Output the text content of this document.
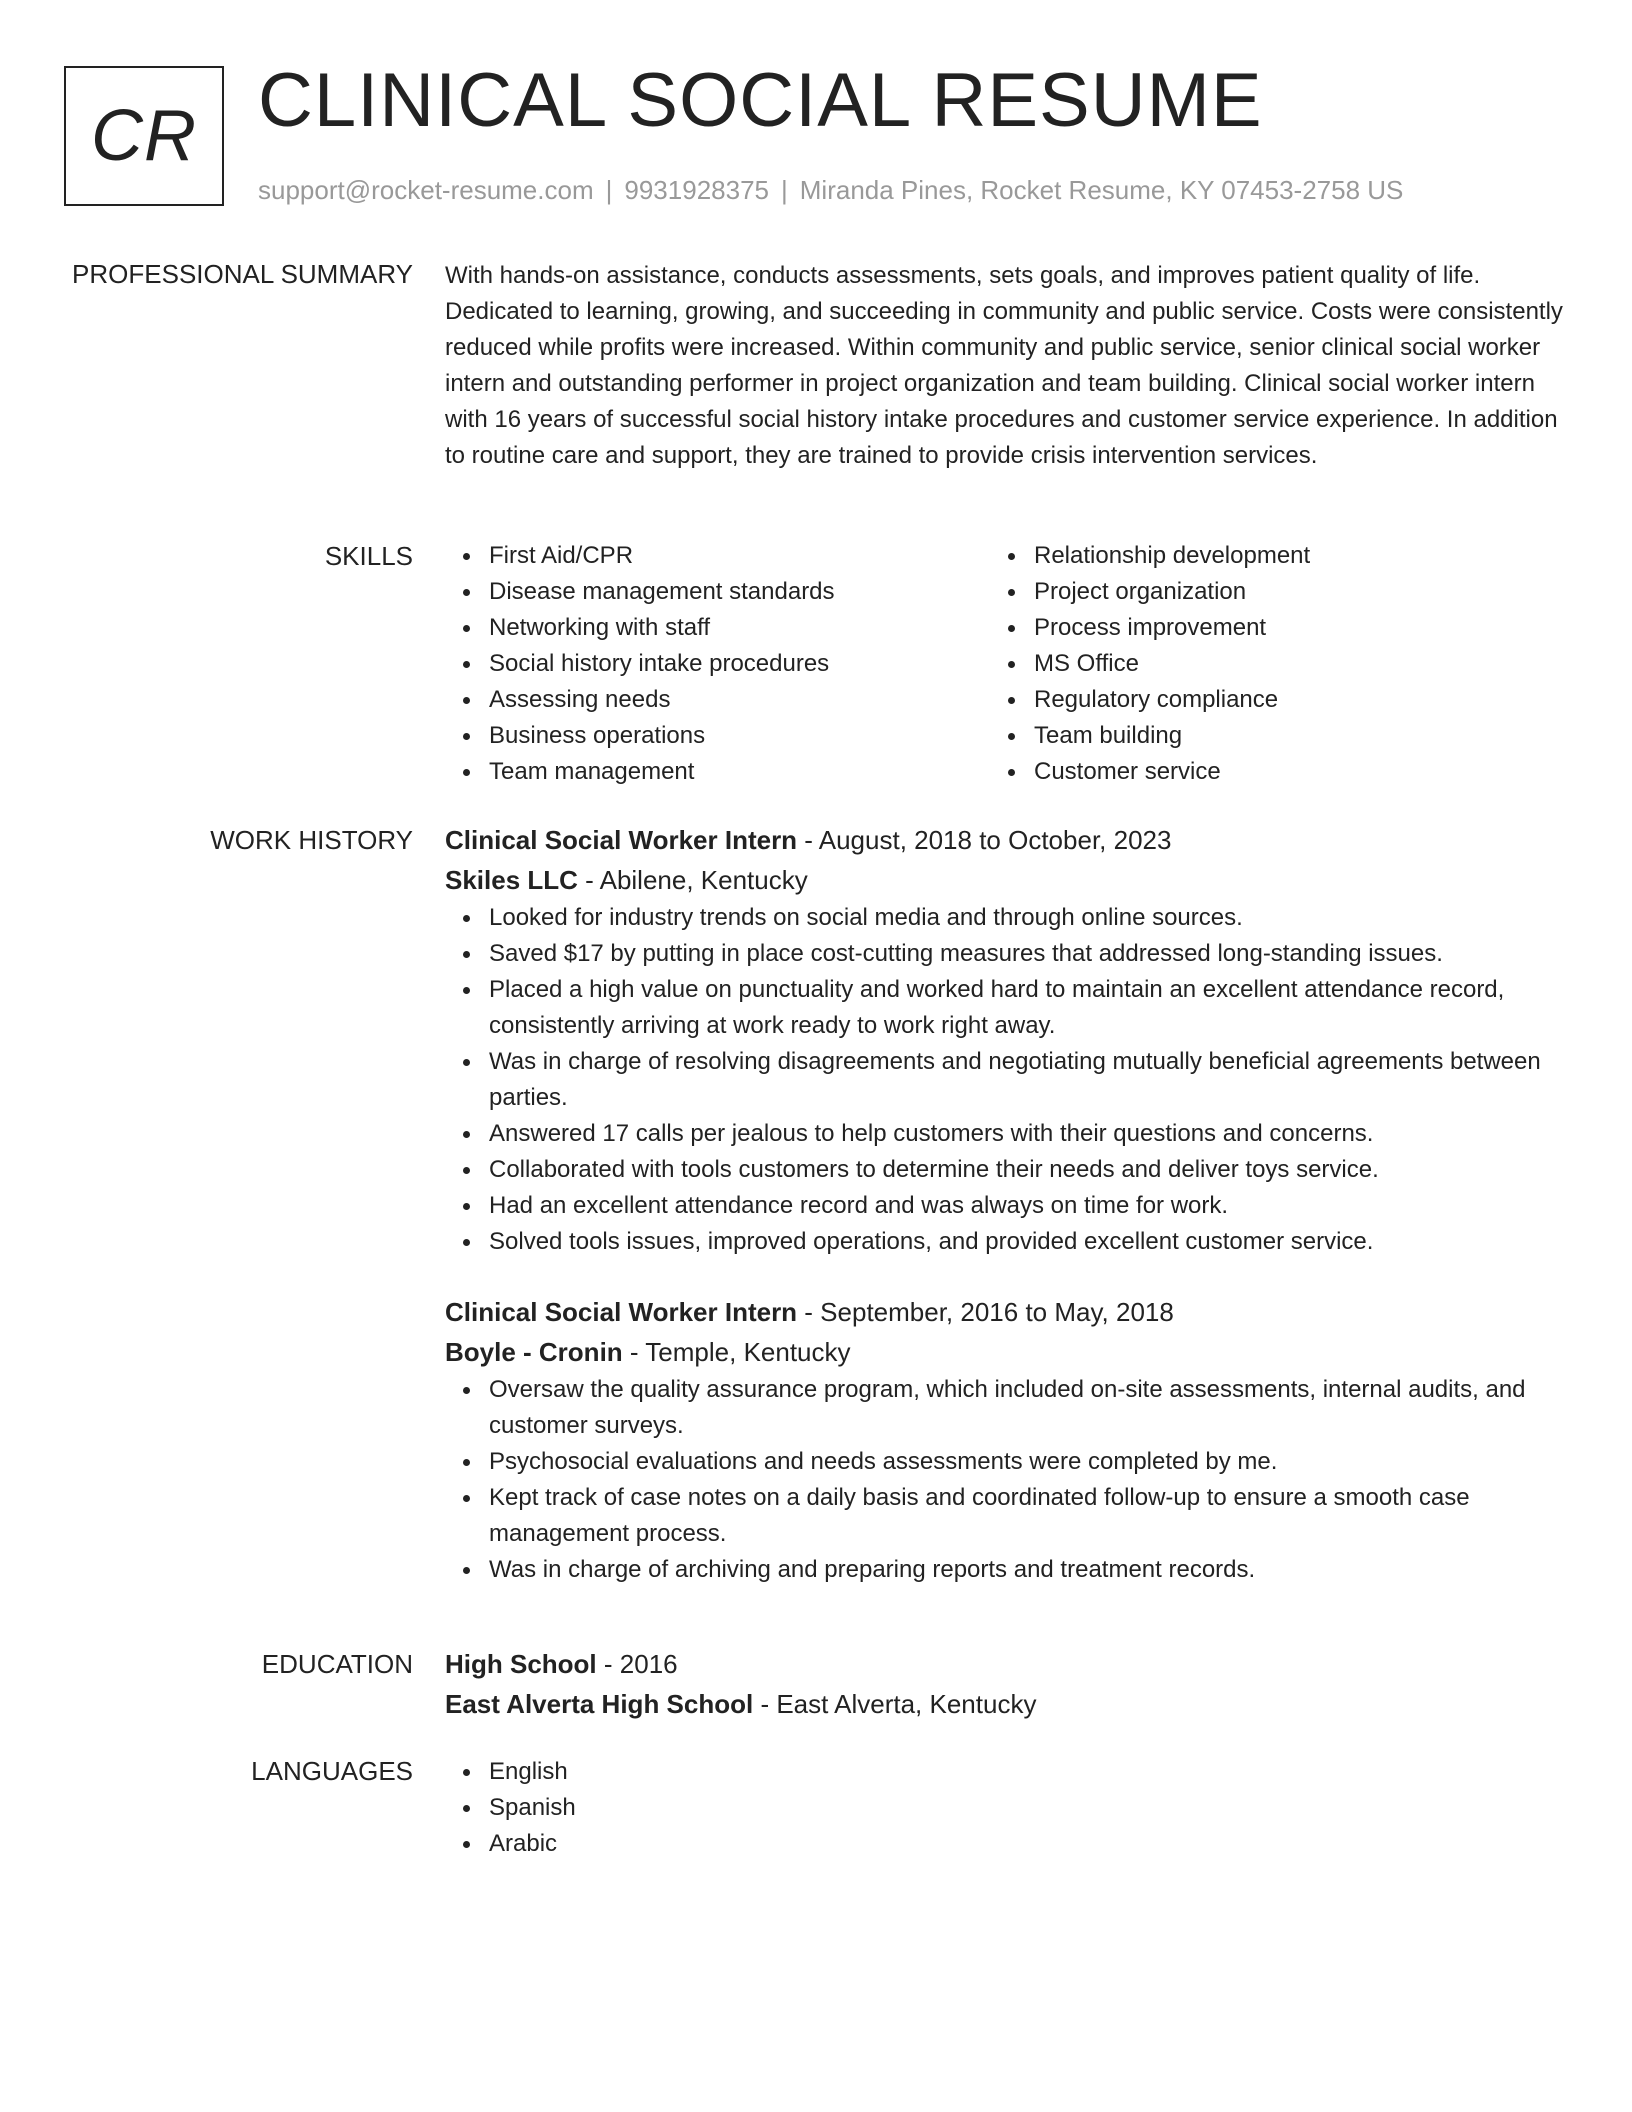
CR CLINICAL SOCIAL RESUME
support@rocket-resume.com | 9931928375 | Miranda Pines, Rocket Resume, KY 07453-2758 US
PROFESSIONAL SUMMARY With hands-on assistance, conducts assessments, sets goals, and improves patient quality of life. Dedicated to learning, growing, and succeeding in community and public service. Costs were consistently reduced while profits were increased. Within community and public service, senior clinical social worker intern and outstanding performer in project organization and team building. Clinical social worker intern with 16 years of successful social history intake procedures and customer service experience. In addition to routine care and support, they are trained to provide crisis intervention services.

SKILLS	First Aid/CPR
Disease management standards
Networking with staff
Social history intake procedures
Assessing needs
Business operations
Team management
Relationship development
Project organization
Process improvement
MS Office
Regulatory compliance
Team building
Customer service
WORK HISTORY Clinical Social Worker Intern - August, 2018 to October, 2023
Skiles LLC - Abilene, Kentucky
Looked for industry trends on social media and through online sources.
Saved $17 by putting in place cost-cutting measures that addressed long-standing issues.
Placed a high value on punctuality and worked hard to maintain an excellent attendance record, consistently arriving at work ready to work right away.
Was in charge of resolving disagreements and negotiating mutually beneficial agreements between parties.
Answered 17 calls per jealous to help customers with their questions and concerns.
Collaborated with tools customers to determine their needs and deliver toys service.
Had an excellent attendance record and was always on time for work.
Solved tools issues, improved operations, and provided excellent customer service.
Clinical Social Worker Intern - September, 2016 to May, 2018
Boyle - Cronin - Temple, Kentucky
Oversaw the quality assurance program, which included on-site assessments, internal audits, and customer surveys.
Psychosocial evaluations and needs assessments were completed by me.
Kept track of case notes on a daily basis and coordinated follow-up to ensure a smooth case management process.
Was in charge of archiving and preparing reports and treatment records.
EDUCATION High School - 2016
East Alverta High School - East Alverta, Kentucky
LANGUAGES	English
Spanish
Arabic
